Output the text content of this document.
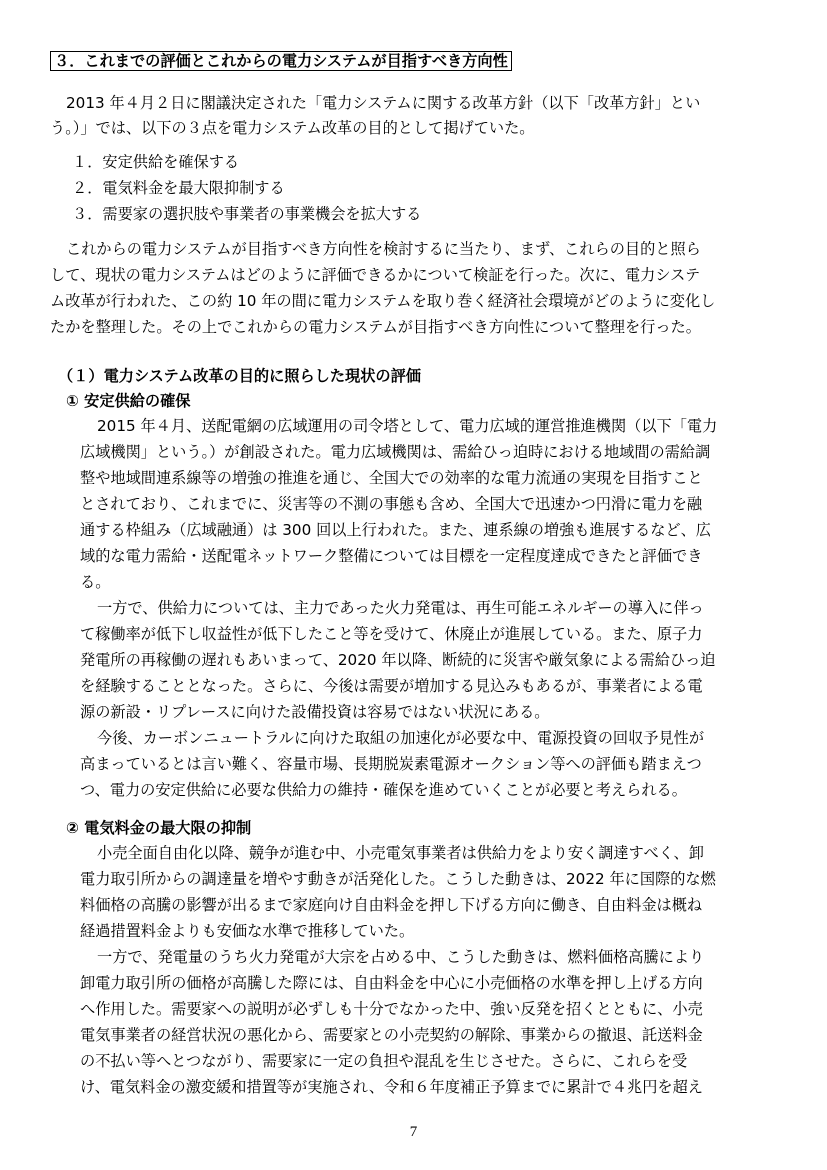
３．これまでの評価とこれからの電力システムが目指すべき方向性
2013 年４月２日に閣議決定された「電力システムに関する改革方針（以下「改革方針」とい
う。）」では、以下の３点を電力システム改革の目的として掲げていた。
１．安定供給を確保する
２．電気料金を最大限抑制する
３．需要家の選択肢や事業者の事業機会を拡大する
これからの電力システムが目指すべき方向性を検討するに当たり、まず、これらの目的と照ら
して、現状の電力システムはどのように評価できるかについて検証を行った。次に、電力システ
ム改革が行われた、この約 10 年の間に電力システムを取り巻く経済社会環境がどのように変化し
たかを整理した。その上でこれからの電力システムが目指すべき方向性について整理を行った。
（１）電力システム改革の目的に照らした現状の評価
① 安定供給の確保
2015 年４月、送配電網の広域運用の司令塔として、電力広域的運営推進機関（以下「電力
広域機関」という。）が創設された。電力広域機関は、需給ひっ迫時における地域間の需給調
整や地域間連系線等の増強の推進を通じ、全国大での効率的な電力流通の実現を目指すこと
とされており、これまでに、災害等の不測の事態も含め、全国大で迅速かつ円滑に電力を融
通する枠組み（広域融通）は 300 回以上行われた。また、連系線の増強も進展するなど、広
域的な電力需給・送配電ネットワーク整備については目標を一定程度達成できたと評価でき
る。
一方で、供給力については、主力であった火力発電は、再生可能エネルギーの導入に伴っ
て稼働率が低下し収益性が低下したこと等を受けて、休廃止が進展している。また、原子力
発電所の再稼働の遅れもあいまって、2020 年以降、断続的に災害や厳気象による需給ひっ迫
を経験することとなった。さらに、今後は需要が増加する見込みもあるが、事業者による電
源の新設・リプレースに向けた設備投資は容易ではない状況にある。
今後、カーボンニュートラルに向けた取組の加速化が必要な中、電源投資の回収予見性が
高まっているとは言い難く、容量市場、長期脱炭素電源オークション等への評価も踏まえつ
つ、電力の安定供給に必要な供給力の維持・確保を進めていくことが必要と考えられる。
② 電気料金の最大限の抑制
小売全面自由化以降、競争が進む中、小売電気事業者は供給力をより安く調達すべく、卸
電力取引所からの調達量を増やす動きが活発化した。こうした動きは、2022 年に国際的な燃
料価格の高騰の影響が出るまで家庭向け自由料金を押し下げる方向に働き、自由料金は概ね
経過措置料金よりも安価な水準で推移していた。
一方で、発電量のうち火力発電が大宗を占める中、こうした動きは、燃料価格高騰により
卸電力取引所の価格が高騰した際には、自由料金を中心に小売価格の水準を押し上げる方向
へ作用した。需要家への説明が必ずしも十分でなかった中、強い反発を招くとともに、小売
電気事業者の経営状況の悪化から、需要家との小売契約の解除、事業からの撤退、託送料金
の不払い等へとつながり、需要家に一定の負担や混乱を生じさせた。さらに、これらを受
け、電気料金の激変緩和措置等が実施され、令和６年度補正予算までに累計で４兆円を超え
7
